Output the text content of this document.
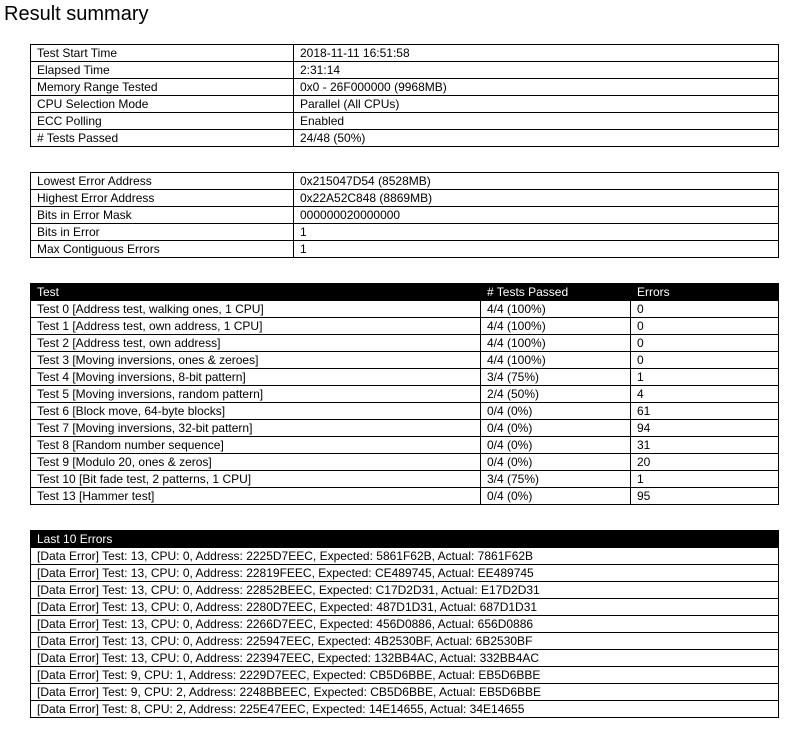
Result summary
Test Start Time	2018-11-11 16:51:58
Elapsed Time	2:31:14
Memory Range Tested	0x0 - 26F000000 (9968MB)
CPU Selection Mode	Parallel (All CPUs)
ECC Polling	Enabled
# Tests Passed	24/48 (50%)
Lowest Error Address	0x215047D54 (8528MB)
Highest Error Address	0x22A52C848 (8869MB)
Bits in Error Mask	000000020000000
Bits in Error	1
Max Contiguous Errors	1
Test	# Tests Passed	Errors
Test 0 [Address test, walking ones, 1 CPU]	4/4 (100%)	0
Test 1 [Address test, own address, 1 CPU]	4/4 (100%)	0
Test 2 [Address test, own address]	4/4 (100%)	0
Test 3 [Moving inversions, ones & zeroes]	4/4 (100%)	0
Test 4 [Moving inversions, 8-bit pattern]	3/4 (75%)	1
Test 5 [Moving inversions, random pattern]	2/4 (50%)	4
Test 6 [Block move, 64-byte blocks]	0/4 (0%)	61
Test 7 [Moving inversions, 32-bit pattern]	0/4 (0%)	94
Test 8 [Random number sequence]	0/4 (0%)	31
Test 9 [Modulo 20, ones & zeros]	0/4 (0%)	20
Test 10 [Bit fade test, 2 patterns, 1 CPU]	3/4 (75%)	1
Test 13 [Hammer test]	0/4 (0%)	95
Last 10 Errors
[Data Error] Test: 13, CPU: 0, Address: 2225D7EEC, Expected: 5861F62B, Actual: 7861F62B
[Data Error] Test: 13, CPU: 0, Address: 22819FEEC, Expected: CE489745, Actual: EE489745
[Data Error] Test: 13, CPU: 0, Address: 22852BEEC, Expected: C17D2D31, Actual: E17D2D31
[Data Error] Test: 13, CPU: 0, Address: 2280D7EEC, Expected: 487D1D31, Actual: 687D1D31
[Data Error] Test: 13, CPU: 0, Address: 2266D7EEC, Expected: 456D0886, Actual: 656D0886
[Data Error] Test: 13, CPU: 0, Address: 225947EEC, Expected: 4B2530BF, Actual: 6B2530BF
[Data Error] Test: 13, CPU: 0, Address: 223947EEC, Expected: 132BB4AC, Actual: 332BB4AC
[Data Error] Test: 9, CPU: 1, Address: 2229D7EEC, Expected: CB5D6BBE, Actual: EB5D6BBE
[Data Error] Test: 9, CPU: 2, Address: 2248BBEEC, Expected: CB5D6BBE, Actual: EB5D6BBE
[Data Error] Test: 8, CPU: 2, Address: 225E47EEC, Expected: 14E14655, Actual: 34E14655
